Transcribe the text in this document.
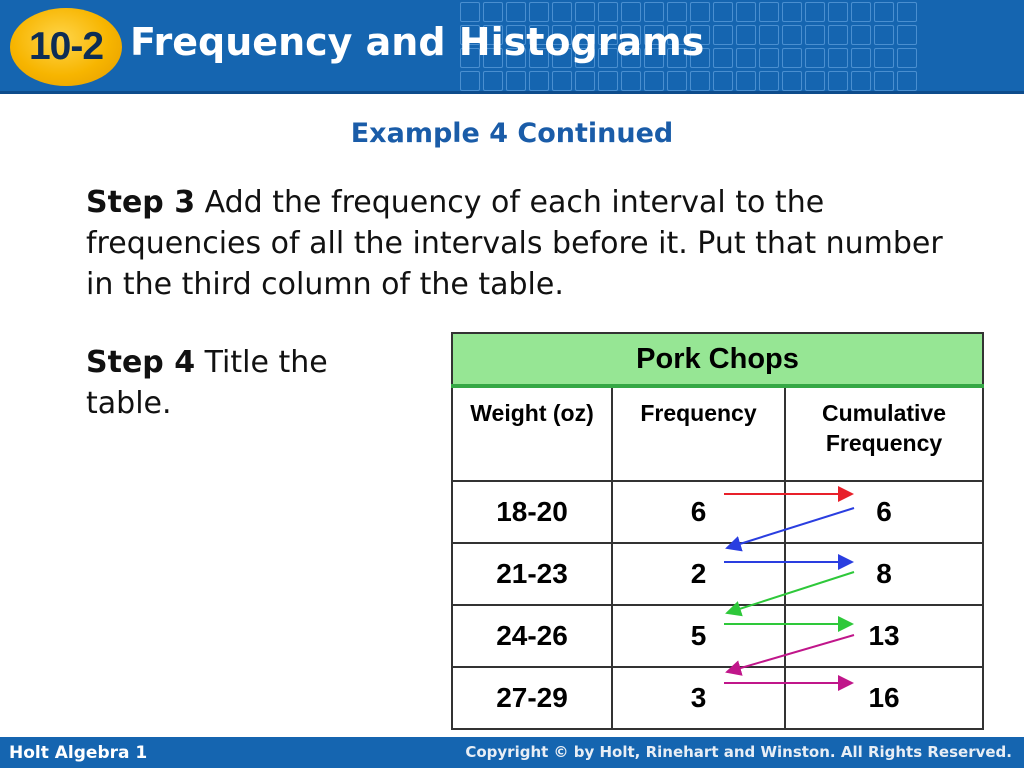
10-2 Frequency and Histograms
Example 4 Continued
Step 3 Add the frequency of each interval to the frequencies of all the intervals before it. Put that number in the third column of the table.
Step 4 Title the table.
Pork Chops		
Weight (oz)	Frequency	Cumulative Frequency
18-20	6	6
21-23	2	8
24-26	5	13
27-29	3	16
Holt Algebra 1	Copyright © by Holt, Rinehart and Winston. All Rights Reserved.
